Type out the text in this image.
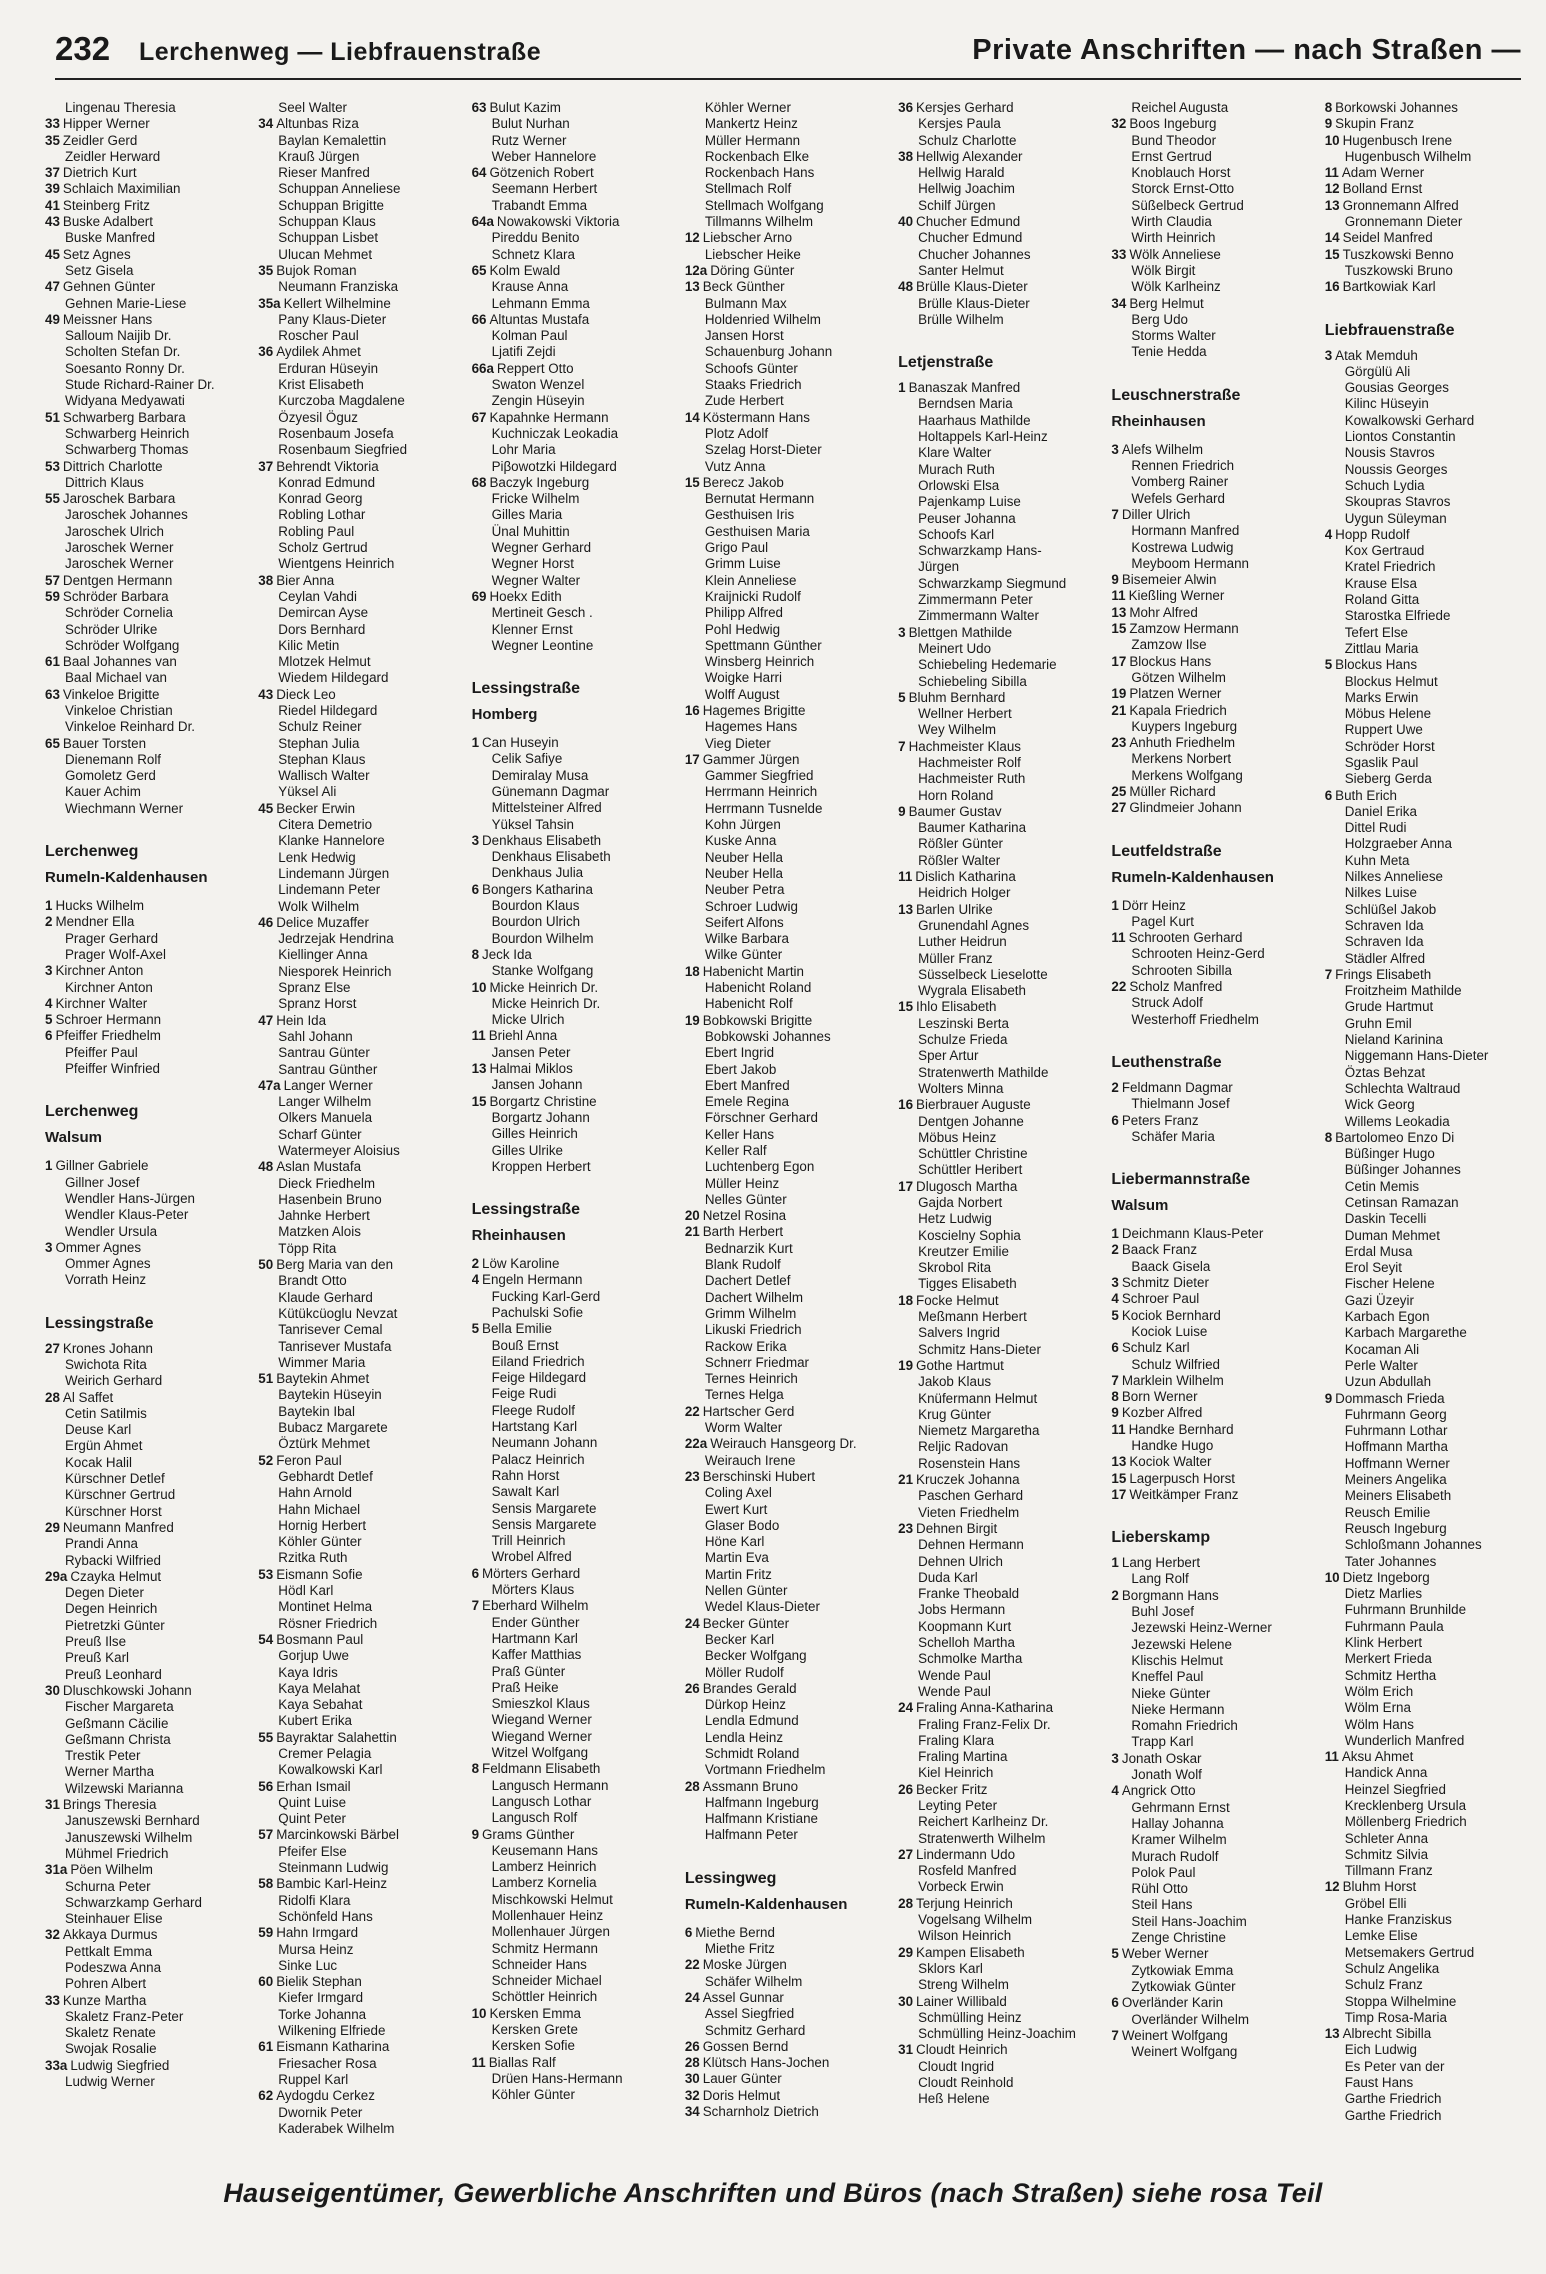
232 Lerchenweg — Liebfrauenstraße	Private Anschriften — nach Straßen —
Lingenau Theresia
33 Hipper Werner
35 Zeidler Gerd
Zeidler Herward
37 Dietrich Kurt
39 Schlaich Maximilian
41 Steinberg Fritz
43 Buske Adalbert
Buske Manfred
45 Setz Agnes
Setz Gisela
47 Gehnen Günter
Gehnen Marie-Liese
49 Meissner Hans
Salloum Naijib Dr.
Scholten Stefan Dr.
Soesanto Ronny Dr.
Stude Richard-Rainer Dr.
Widyana Medyawati
51 Schwarberg Barbara
Schwarberg Heinrich
Schwarberg Thomas
53 Dittrich Charlotte
Dittrich Klaus
55 Jaroschek Barbara
Jaroschek Johannes
Jaroschek Ulrich
Jaroschek Werner
Jaroschek Werner
57 Dentgen Hermann
59 Schröder Barbara
Schröder Cornelia
Schröder Ulrike
Schröder Wolfgang
61 Baal Johannes van
Baal Michael van
63 Vinkeloe Brigitte
Vinkeloe Christian
Vinkeloe Reinhard Dr.
65 Bauer Torsten
Dienemann Rolf
Gomoletz Gerd
Kauer Achim
Wiechmann Werner
Lerchenweg
Rumeln-Kaldenhausen
1 Hucks Wilhelm
2 Mendner Ella
Prager Gerhard
Prager Wolf-Axel
3 Kirchner Anton
Kirchner Anton
4 Kirchner Walter
5 Schroer Hermann
6 Pfeiffer Friedhelm
Pfeiffer Paul
Pfeiffer Winfried
Lerchenweg
Walsum
1 Gillner Gabriele
Gillner Josef
Wendler Hans-Jürgen
Wendler Klaus-Peter
Wendler Ursula
3 Ommer Agnes
Ommer Agnes
Vorrath Heinz
Lessingstraße
27 Krones Johann
Swichota Rita
Weirich Gerhard
28 Al Saffet
Cetin Satilmis
Deuse Karl
Ergün Ahmet
Kocak Halil
Kürschner Detlef
Kürschner Gertrud
Kürschner Horst
29 Neumann Manfred
Prandi Anna
Rybacki Wilfried
29a Czayka Helmut
Degen Dieter
Degen Heinrich
Pietretzki Günter
Preuß Ilse
Preuß Karl
Preuß Leonhard
30 Dluschkowski Johann
Fischer Margareta
Geßmann Cäcilie
Geßmann Christa
Trestik Peter
Werner Martha
Wilzewski Marianna
31 Brings Theresia
Januszewski Bernhard
Januszewski Wilhelm
Mühmel Friedrich
31a Pöen Wilhelm
Schurna Peter
Schwarzkamp Gerhard
Steinhauer Elise
32 Akkaya Durmus
Pettkalt Emma
Podeszwa Anna
Pohren Albert
33 Kunze Martha
Skaletz Franz-Peter
Skaletz Renate
Swojak Rosalie
33a Ludwig Siegfried
Ludwig Werner
Seel Walter
34 Altunbas Riza
Baylan Kemalettin
Krauß Jürgen
Rieser Manfred
Schuppan Anneliese
Schuppan Brigitte
Schuppan Klaus
Schuppan Lisbet
Ulucan Mehmet
35 Bujok Roman
Neumann Franziska
35a Kellert Wilhelmine
Pany Klaus-Dieter
Roscher Paul
36 Aydilek Ahmet
Erduran Hüseyin
Krist Elisabeth
Kurczoba Magdalene
Özyesil Öguz
Rosenbaum Josefa
Rosenbaum Siegfried
37 Behrendt Viktoria
Konrad Edmund
Konrad Georg
Robling Lothar
Robling Paul
Scholz Gertrud
Wientgens Heinrich
38 Bier Anna
Ceylan Vahdi
Demircan Ayse
Dors Bernhard
Kilic Metin
Mlotzek Helmut
Wiedem Hildegard
43 Dieck Leo
Riedel Hildegard
Schulz Reiner
Stephan Julia
Stephan Klaus
Wallisch Walter
Yüksel Ali
45 Becker Erwin
Citera Demetrio
Klanke Hannelore
Lenk Hedwig
Lindemann Jürgen
Lindemann Peter
Wolk Wilhelm
46 Delice Muzaffer
Jedrzejak Hendrina
Kiellinger Anna
Niesporek Heinrich
Spranz Else
Spranz Horst
47 Hein Ida
Sahl Johann
Santrau Günter
Santrau Günther
47a Langer Werner
Langer Wilhelm
Olkers Manuela
Scharf Günter
Watermeyer Aloisius
48 Aslan Mustafa
Dieck Friedhelm
Hasenbein Bruno
Jahnke Herbert
Matzken Alois
Töpp Rita
50 Berg Maria van den
Brandt Otto
Klaude Gerhard
Kütükcüoglu Nevzat
Tanrisever Cemal
Tanrisever Mustafa
Wimmer Maria
51 Baytekin Ahmet
Baytekin Hüseyin
Baytekin Ibal
Bubacz Margarete
Öztürk Mehmet
52 Feron Paul
Gebhardt Detlef
Hahn Arnold
Hahn Michael
Hornig Herbert
Köhler Günter
Rzitka Ruth
53 Eismann Sofie
Hödl Karl
Montinet Helma
Rösner Friedrich
54 Bosmann Paul
Gorjup Uwe
Kaya Idris
Kaya Melahat
Kaya Sebahat
Kubert Erika
55 Bayraktar Salahettin
Cremer Pelagia
Kowalkowski Karl
56 Erhan Ismail
Quint Luise
Quint Peter
57 Marcinkowski Bärbel
Pfeifer Else
Steinmann Ludwig
58 Bambic Karl-Heinz
Ridolfi Klara
Schönfeld Hans
59 Hahn Irmgard
Mursa Heinz
Sinke Luc
60 Bielik Stephan
Kiefer Irmgard
Torke Johanna
Wilkening Elfriede
61 Eismann Katharina
Friesacher Rosa
Ruppel Karl
62 Aydogdu Cerkez
Dwornik Peter
Kaderabek Wilhelm
63 Bulut Kazim
Bulut Nurhan
Rutz Werner
Weber Hannelore
64 Götzenich Robert
Seemann Herbert
Trabandt Emma
64a Nowakowski Viktoria
Pireddu Benito
Schnetz Klara
65 Kolm Ewald
Krause Anna
Lehmann Emma
66 Altuntas Mustafa
Kolman Paul
Ljatifi Zejdi
66a Reppert Otto
Swaton Wenzel
Zengin Hüseyin
67 Kapahnke Hermann
Kuchniczak Leokadia
Lohr Maria
Piβowotzki Hildegard
68 Baczyk Ingeburg
Fricke Wilhelm
Gilles Maria
Ünal Muhittin
Wegner Gerhard
Wegner Horst
Wegner Walter
69 Hoekx Edith
Mertineit Gesch .
Klenner Ernst
Wegner Leontine
Lessingstraße
Homberg
1 Can Huseyin
Celik Safiye
Demiralay Musa
Günemann Dagmar
Mittelsteiner Alfred
Yüksel Tahsin
3 Denkhaus Elisabeth
Denkhaus Elisabeth
Denkhaus Julia
6 Bongers Katharina
Bourdon Klaus
Bourdon Ulrich
Bourdon Wilhelm
8 Jeck Ida
Stanke Wolfgang
10 Micke Heinrich Dr.
Micke Heinrich Dr.
Micke Ulrich
11 Briehl Anna
Jansen Peter
13 Halmai Miklos
Jansen Johann
15 Borgartz Christine
Borgartz Johann
Gilles Heinrich
Gilles Ulrike
Kroppen Herbert
Lessingstraße
Rheinhausen
2 Löw Karoline
4 Engeln Hermann
Fucking Karl-Gerd
Pachulski Sofie
5 Bella Emilie
Bouß Ernst
Eiland Friedrich
Feige Hildegard
Feige Rudi
Fleege Rudolf
Hartstang Karl
Neumann Johann
Palacz Heinrich
Rahn Horst
Sawalt Karl
Sensis Margarete
Sensis Margarete
Trill Heinrich
Wrobel Alfred
6 Mörters Gerhard
Mörters Klaus
7 Eberhard Wilhelm
Ender Günther
Hartmann Karl
Kaffer Matthias
Praß Günter
Praß Heike
Smieszkol Klaus
Wiegand Werner
Wiegand Werner
Witzel Wolfgang
8 Feldmann Elisabeth
Langusch Hermann
Langusch Lothar
Langusch Rolf
9 Grams Günther
Keusemann Hans
Lamberz Heinrich
Lamberz Kornelia
Mischkowski Helmut
Mollenhauer Heinz
Mollenhauer Jürgen
Schmitz Hermann
Schneider Hans
Schneider Michael
Schöttler Heinrich
10 Kersken Emma
Kersken Grete
Kersken Sofie
11 Biallas Ralf
Drüen Hans-Hermann
Köhler Günter
Köhler Werner
Mankertz Heinz
Müller Hermann
Rockenbach Elke
Rockenbach Hans
Stellmach Rolf
Stellmach Wolfgang
Tillmanns Wilhelm
12 Liebscher Arno
Liebscher Heike
12a Döring Günter
13 Beck Günther
Bulmann Max
Holdenried Wilhelm
Jansen Horst
Schauenburg Johann
Schoofs Günter
Staaks Friedrich
Zude Herbert
14 Köstermann Hans
Plotz Adolf
Szelag Horst-Dieter
Vutz Anna
15 Berecz Jakob
Bernutat Hermann
Gesthuisen Iris
Gesthuisen Maria
Grigo Paul
Grimm Luise
Klein Anneliese
Kraijnicki Rudolf
Philipp Alfred
Pohl Hedwig
Spettmann Günther
Winsberg Heinrich
Woigke Harri
Wolff August
16 Hagemes Brigitte
Hagemes Hans
Vieg Dieter
17 Gammer Jürgen
Gammer Siegfried
Herrmann Heinrich
Herrmann Tusnelde
Kohn Jürgen
Kuske Anna
Neuber Hella
Neuber Hella
Neuber Petra
Schroer Ludwig
Seifert Alfons
Wilke Barbara
Wilke Günter
18 Habenicht Martin
Habenicht Roland
Habenicht Rolf
19 Bobkowski Brigitte
Bobkowski Johannes
Ebert Ingrid
Ebert Jakob
Ebert Manfred
Emele Regina
Förschner Gerhard
Keller Hans
Keller Ralf
Luchtenberg Egon
Müller Heinz
Nelles Günter
20 Netzel Rosina
21 Barth Herbert
Bednarzik Kurt
Blank Rudolf
Dachert Detlef
Dachert Wilhelm
Grimm Wilhelm
Likuski Friedrich
Rackow Erika
Schnerr Friedmar
Ternes Heinrich
Ternes Helga
22 Hartscher Gerd
Worm Walter
22a Weirauch Hansgeorg Dr.
Weirauch Irene
23 Berschinski Hubert
Coling Axel
Ewert Kurt
Glaser Bodo
Höne Karl
Martin Eva
Martin Fritz
Nellen Günter
Wedel Klaus-Dieter
24 Becker Günter
Becker Karl
Becker Wolfgang
Möller Rudolf
26 Brandes Gerald
Dürkop Heinz
Lendla Edmund
Lendla Heinz
Schmidt Roland
Vortmann Friedhelm
28 Assmann Bruno
Halfmann Ingeburg
Halfmann Kristiane
Halfmann Peter
Lessingweg
Rumeln-Kaldenhausen
6 Miethe Bernd
Miethe Fritz
22 Moske Jürgen
Schäfer Wilhelm
24 Assel Gunnar
Assel Siegfried
Schmitz Gerhard
26 Gossen Bernd
28 Klütsch Hans-Jochen
30 Lauer Günter
32 Doris Helmut
34 Scharnholz Dietrich
36 Kersjes Gerhard
Kersjes Paula
Schulz Charlotte
38 Hellwig Alexander
Hellwig Harald
Hellwig Joachim
Schilf Jürgen
40 Chucher Edmund
Chucher Edmund
Chucher Johannes
Santer Helmut
48 Brülle Klaus-Dieter
Brülle Klaus-Dieter
Brülle Wilhelm
Letjenstraße
1 Banaszak Manfred
Berndsen Maria
Haarhaus Mathilde
Holtappels Karl-Heinz
Klare Walter
Murach Ruth
Orlowski Elsa
Pajenkamp Luise
Peuser Johanna
Schoofs Karl
Schwarzkamp Hans-
Jürgen
Schwarzkamp Siegmund
Zimmermann Peter
Zimmermann Walter
3 Blettgen Mathilde
Meinert Udo
Schiebeling Hedemarie
Schiebeling Sibilla
5 Bluhm Bernhard
Wellner Herbert
Wey Wilhelm
7 Hachmeister Klaus
Hachmeister Rolf
Hachmeister Ruth
Horn Roland
9 Baumer Gustav
Baumer Katharina
Rößler Günter
Rößler Walter
11 Dislich Katharina
Heidrich Holger
13 Barlen Ulrike
Grunendahl Agnes
Luther Heidrun
Müller Franz
Süsselbeck Lieselotte
Wygrala Elisabeth
15 Ihlo Elisabeth
Leszinski Berta
Schulze Frieda
Sper Artur
Stratenwerth Mathilde
Wolters Minna
16 Bierbrauer Auguste
Dentgen Johanne
Möbus Heinz
Schüttler Christine
Schüttler Heribert
17 Dlugosch Martha
Gajda Norbert
Hetz Ludwig
Koscielny Sophia
Kreutzer Emilie
Skrobol Rita
Tigges Elisabeth
18 Focke Helmut
Meßmann Herbert
Salvers Ingrid
Schmitz Hans-Dieter
19 Gothe Hartmut
Jakob Klaus
Knüfermann Helmut
Krug Günter
Niemetz Margaretha
Reljic Radovan
Rosenstein Hans
21 Kruczek Johanna
Paschen Gerhard
Vieten Friedhelm
23 Dehnen Birgit
Dehnen Hermann
Dehnen Ulrich
Duda Karl
Franke Theobald
Jobs Hermann
Koopmann Kurt
Schelloh Martha
Schmolke Martha
Wende Paul
Wende Paul
24 Fraling Anna-Katharina
Fraling Franz-Felix Dr.
Fraling Klara
Fraling Martina
Kiel Heinrich
26 Becker Fritz
Leyting Peter
Reichert Karlheinz Dr.
Stratenwerth Wilhelm
27 Lindermann Udo
Rosfeld Manfred
Vorbeck Erwin
28 Terjung Heinrich
Vogelsang Wilhelm
Wilson Heinrich
29 Kampen Elisabeth
Sklors Karl
Streng Wilhelm
30 Lainer Willibald
Schmülling Heinz
Schmülling Heinz-Joachim
31 Cloudt Heinrich
Cloudt Ingrid
Cloudt Reinhold
Heß Helene
Reichel Augusta
32 Boos Ingeburg
Bund Theodor
Ernst Gertrud
Knoblauch Horst
Storck Ernst-Otto
Süßelbeck Gertrud
Wirth Claudia
Wirth Heinrich
33 Wölk Anneliese
Wölk Birgit
Wölk Karlheinz
34 Berg Helmut
Berg Udo
Storms Walter
Tenie Hedda
Leuschnerstraße
Rheinhausen
3 Alefs Wilhelm
Rennen Friedrich
Vomberg Rainer
Wefels Gerhard
7 Diller Ulrich
Hormann Manfred
Kostrewa Ludwig
Meyboom Hermann
9 Bisemeier Alwin
11 Kießling Werner
13 Mohr Alfred
15 Zamzow Hermann
Zamzow Ilse
17 Blockus Hans
Götzen Wilhelm
19 Platzen Werner
21 Kapala Friedrich
Kuypers Ingeburg
23 Anhuth Friedhelm
Merkens Norbert
Merkens Wolfgang
25 Müller Richard
27 Glindmeier Johann
Leutfeldstraße
Rumeln-Kaldenhausen
1 Dörr Heinz
Pagel Kurt
11 Schrooten Gerhard
Schrooten Heinz-Gerd
Schrooten Sibilla
22 Scholz Manfred
Struck Adolf
Westerhoff Friedhelm
Leuthenstraße
2 Feldmann Dagmar
Thielmann Josef
6 Peters Franz
Schäfer Maria
Liebermannstraße
Walsum
1 Deichmann Klaus-Peter
2 Baack Franz
Baack Gisela
3 Schmitz Dieter
4 Schroer Paul
5 Kociok Bernhard
Kociok Luise
6 Schulz Karl
Schulz Wilfried
7 Marklein Wilhelm
8 Born Werner
9 Kozber Alfred
11 Handke Bernhard
Handke Hugo
13 Kociok Walter
15 Lagerpusch Horst
17 Weitkämper Franz
Lieberskamp
1 Lang Herbert
Lang Rolf
2 Borgmann Hans
Buhl Josef
Jezewski Heinz-Werner
Jezewski Helene
Klischis Helmut
Kneffel Paul
Nieke Günter
Nieke Hermann
Romahn Friedrich
Trapp Karl
3 Jonath Oskar
Jonath Wolf
4 Angrick Otto
Gehrmann Ernst
Hallay Johanna
Kramer Wilhelm
Murach Rudolf
Polok Paul
Rühl Otto
Steil Hans
Steil Hans-Joachim
Zenge Christine
5 Weber Werner
Zytkowiak Emma
Zytkowiak Günter
6 Overländer Karin
Overländer Wilhelm
7 Weinert Wolfgang
Weinert Wolfgang
8 Borkowski Johannes
9 Skupin Franz
10 Hugenbusch Irene
Hugenbusch Wilhelm
11 Adam Werner
12 Bolland Ernst
13 Gronnemann Alfred
Gronnemann Dieter
14 Seidel Manfred
15 Tuszkowski Benno
Tuszkowski Bruno
16 Bartkowiak Karl
Liebfrauenstraße
3 Atak Memduh
Görgülü Ali
Gousias Georges
Kilinc Hüseyin
Kowalkowski Gerhard
Liontos Constantin
Nousis Stavros
Noussis Georges
Schuch Lydia
Skoupras Stavros
Uygun Süleyman
4 Hopp Rudolf
Kox Gertraud
Kratel Friedrich
Krause Elsa
Roland Gitta
Starostka Elfriede
Tefert Else
Zittlau Maria
5 Blockus Hans
Blockus Helmut
Marks Erwin
Möbus Helene
Ruppert Uwe
Schröder Horst
Sgaslik Paul
Sieberg Gerda
6 Buth Erich
Daniel Erika
Dittel Rudi
Holzgraeber Anna
Kuhn Meta
Nilkes Anneliese
Nilkes Luise
Schlüßel Jakob
Schraven Ida
Schraven Ida
Städler Alfred
7 Frings Elisabeth
Froitzheim Mathilde
Grude Hartmut
Gruhn Emil
Nieland Karinina
Niggemann Hans-Dieter
Öztas Behzat
Schlechta Waltraud
Wick Georg
Willems Leokadia
8 Bartolomeo Enzo Di
Büßinger Hugo
Büßinger Johannes
Cetin Memis
Cetinsan Ramazan
Daskin Tecelli
Duman Mehmet
Erdal Musa
Erol Seyit
Fischer Helene
Gazi Üzeyir
Karbach Egon
Karbach Margarethe
Kocaman Ali
Perle Walter
Uzun Abdullah
9 Dommasch Frieda
Fuhrmann Georg
Fuhrmann Lothar
Hoffmann Martha
Hoffmann Werner
Meiners Angelika
Meiners Elisabeth
Reusch Emilie
Reusch Ingeburg
Schloßmann Johannes
Tater Johannes
10 Dietz Ingeborg
Dietz Marlies
Fuhrmann Brunhilde
Fuhrmann Paula
Klink Herbert
Merkert Frieda
Schmitz Hertha
Wölm Erich
Wölm Erna
Wölm Hans
Wunderlich Manfred
11 Aksu Ahmet
Handick Anna
Heinzel Siegfried
Krecklenberg Ursula
Möllenberg Friedrich
Schleter Anna
Schmitz Silvia
Tillmann Franz
12 Bluhm Horst
Gröbel Elli
Hanke Franziskus
Lemke Elise
Metsemakers Gertrud
Schulz Angelika
Schulz Franz
Stoppa Wilhelmine
Timp Rosa-Maria
13 Albrecht Sibilla
Eich Ludwig
Es Peter van der
Faust Hans
Garthe Friedrich
Garthe Friedrich
Hauseigentümer, Gewerbliche Anschriften und Büros (nach Straßen) siehe rosa Teil
